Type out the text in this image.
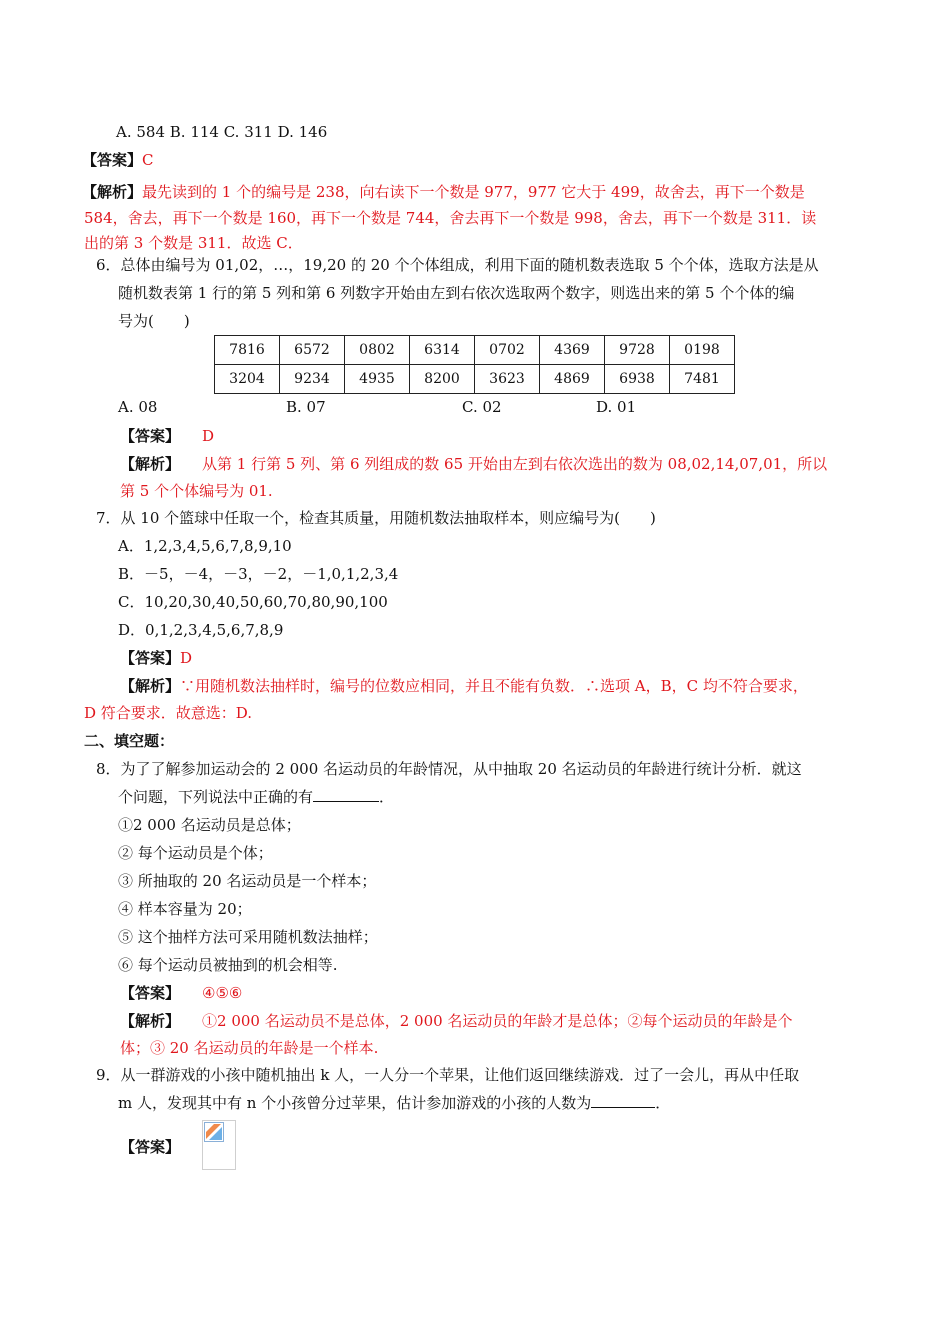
A. 584 B. 114 C. 311 D. 146
【答案】C
【解析】最先读到的 1 个的编号是 238，向右读下一个数是 977，977 它大于 499，故舍去，再下一个数是
584，舍去，再下一个数是 160，再下一个数是 744，舍去再下一个数是 998，舍去，再下一个数是 311．读
出的第 3 个数是 311．故选 C．
6．总体由编号为 01,02，…，19,20 的 20 个个体组成，利用下面的随机数表选取 5 个个体，选取方法是从
随机数表第 1 行的第 5 列和第 6 列数字开始由左到右依次选取两个数字，则选出来的第 5 个个体的编
号为(　　)
7816	6572	0802	6314	0702	4369	9728	0198
3204	9234	4935	8200	3623	4869	6938	7481
A. 08	B. 07	C. 02	D. 01
【答案】 D
【解析】 从第 1 行第 5 列、第 6 列组成的数 65 开始由左到右依次选出的数为 08,02,14,07,01，所以
第 5 个个体编号为 01.
7．从 10 个篮球中任取一个，检查其质量，用随机数法抽取样本，则应编号为(　　)
A．1,2,3,4,5,6,7,8,9,10
B．－5，－4，－3，－2，－1,0,1,2,3,4
C．10,20,30,40,50,60,70,80,90,100
D．0,1,2,3,4,5,6,7,8,9
【答案】D
【解析】∵用随机数法抽样时，编号的位数应相同，并且不能有负数．∴选项 A，B，C 均不符合要求，
D 符合要求．故意选：D.
二、填空题：
8．为了了解参加运动会的 2 000 名运动员的年龄情况，从中抽取 20 名运动员的年龄进行统计分析．就这
个问题，下列说法中正确的有	．
①2 000 名运动员是总体；
② 每个运动员是个体；
③ 所抽取的 20 名运动员是一个样本；
④ 样本容量为 20；
⑤ 这个抽样方法可采用随机数法抽样；
⑥ 每个运动员被抽到的机会相等.
【答案】 ④⑤⑥
【解析】 ①2 000 名运动员不是总体，2 000 名运动员的年龄才是总体；②每个运动员的年龄是个
体；③ 20 名运动员的年龄是一个样本.
9．从一群游戏的小孩中随机抽出 k 人，一人分一个苹果，让他们返回继续游戏．过了一会儿，再从中任取
m 人，发现其中有 n 个小孩曾分过苹果，估计参加游戏的小孩的人数为	．
【答案】
